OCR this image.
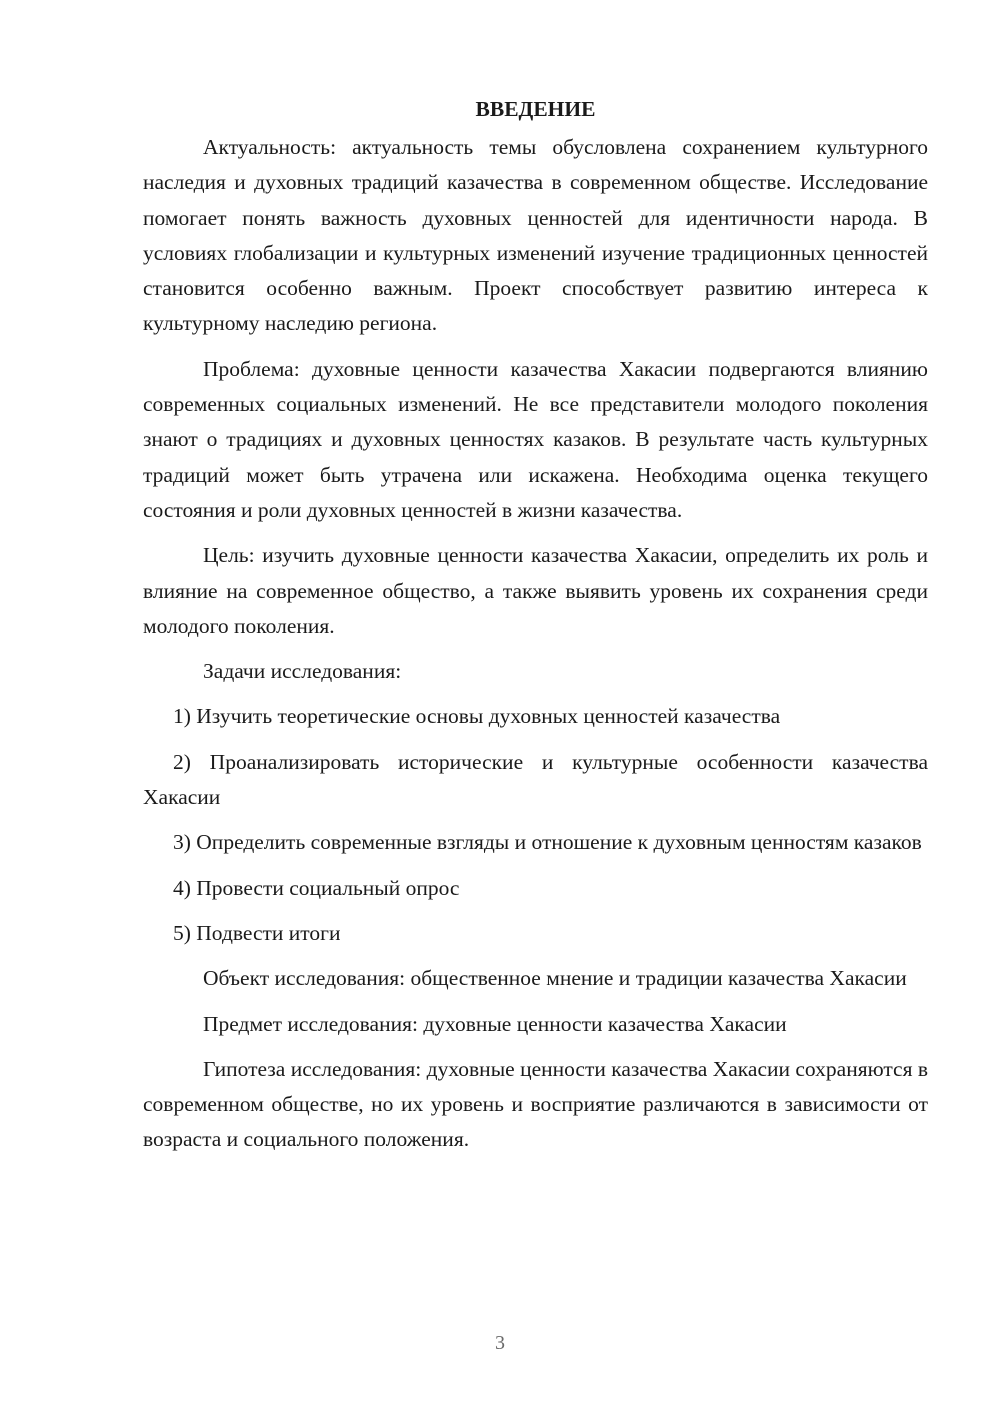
ВВЕДЕНИЕ

Актуальность: актуальность темы обусловлена сохранением культурного наследия и духовных традиций казачества в современном обществе. Исследование помогает понять важность духовных ценностей для идентичности народа. В условиях глобализации и культурных изменений изучение традиционных ценностей становится особенно важным. Проект способствует развитию интереса к культурному наследию региона.

Проблема: духовные ценности казачества Хакасии подвергаются влиянию современных социальных изменений. Не все представители молодого поколения знают о традициях и духовных ценностях казаков. В результате часть культурных традиций может быть утрачена или искажена. Необходима оценка текущего состояния и роли духовных ценностей в жизни казачества.

Цель: изучить духовные ценности казачества Хакасии, определить их роль и влияние на современное общество, а также выявить уровень их сохранения среди молодого поколения.

Задачи исследования:

1) Изучить теоретические основы духовных ценностей казачества

2) Проанализировать исторические и культурные особенности казачества Хакасии

3) Определить современные взгляды и отношение к духовным ценностям казаков

4) Провести социальный опрос

5) Подвести итоги

Объект исследования: общественное мнение и традиции казачества Хакасии

Предмет исследования: духовные ценности казачества Хакасии

Гипотеза исследования: духовные ценности казачества Хакасии сохраняются в современном обществе, но их уровень и восприятие различаются в зависимости от возраста и социального положения.

3
